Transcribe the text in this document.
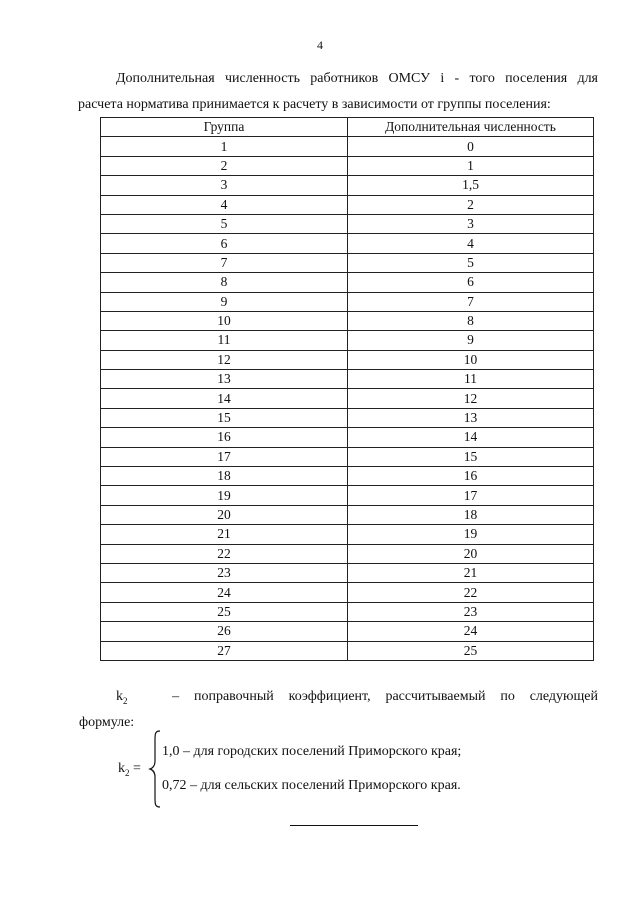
4
Дополнительная численность работников ОМСУ i - того поселения для
расчета норматива принимается к расчету в зависимости от группы поселения:
Группа	Дополнительная численность
1	0
2	1
3	1,5
4	2
5	3
6	4
7	5
8	6
9	7
10	8
11	9
12	10
13	11
14	12
15	13
16	14
17	15
18	16
19	17
20	18
21	19
22	20
23	21
24	22
25	23
26	24
27	25
$k_2$	– поправочный коэффициент, рассчитываемый по следующей
формуле:
$k_2$ =
1,0 – для городских поселений Приморского края;
0,72 – для сельских поселений Приморского края.
